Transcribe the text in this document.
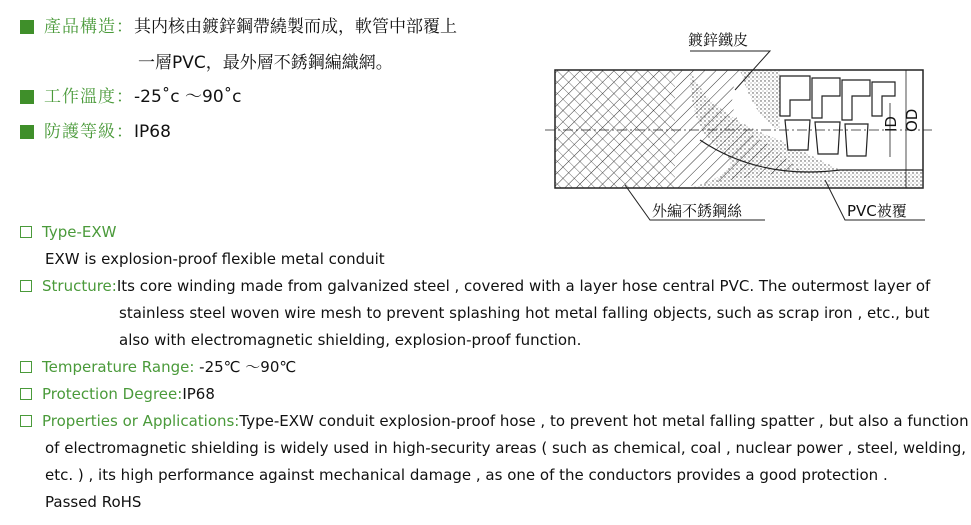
產品構造： 其内核由鍍鋅鋼帶繞製而成，軟管中部覆上
一層PVC，最外層不銹鋼編織網。
工作溫度： -25˚c ～90˚c
防護等級： IP68	ID OD
鍍鋅鐵皮
外編不銹鋼絲	PVC被覆
Type-EXW
EXW is explosion-proof flexible metal conduit
Structure:Its core winding made from galvanized steel , covered with a layer hose central PVC. The outermost layer of
stainless steel woven wire mesh to prevent splashing hot metal falling objects, such as scrap iron , etc., but
also with electromagnetic shielding, explosion-proof function.
Temperature Range: -25℃ ～90℃
Protection Degree:IP68
Properties or Applications:Type-EXW conduit explosion-proof hose , to prevent hot metal falling spatter , but also a function
of electromagnetic shielding is widely used in high-security areas ( such as chemical, coal , nuclear power , steel, welding,
etc. ) , its high performance against mechanical damage , as one of the conductors provides a good protection .
Passed RoHS
